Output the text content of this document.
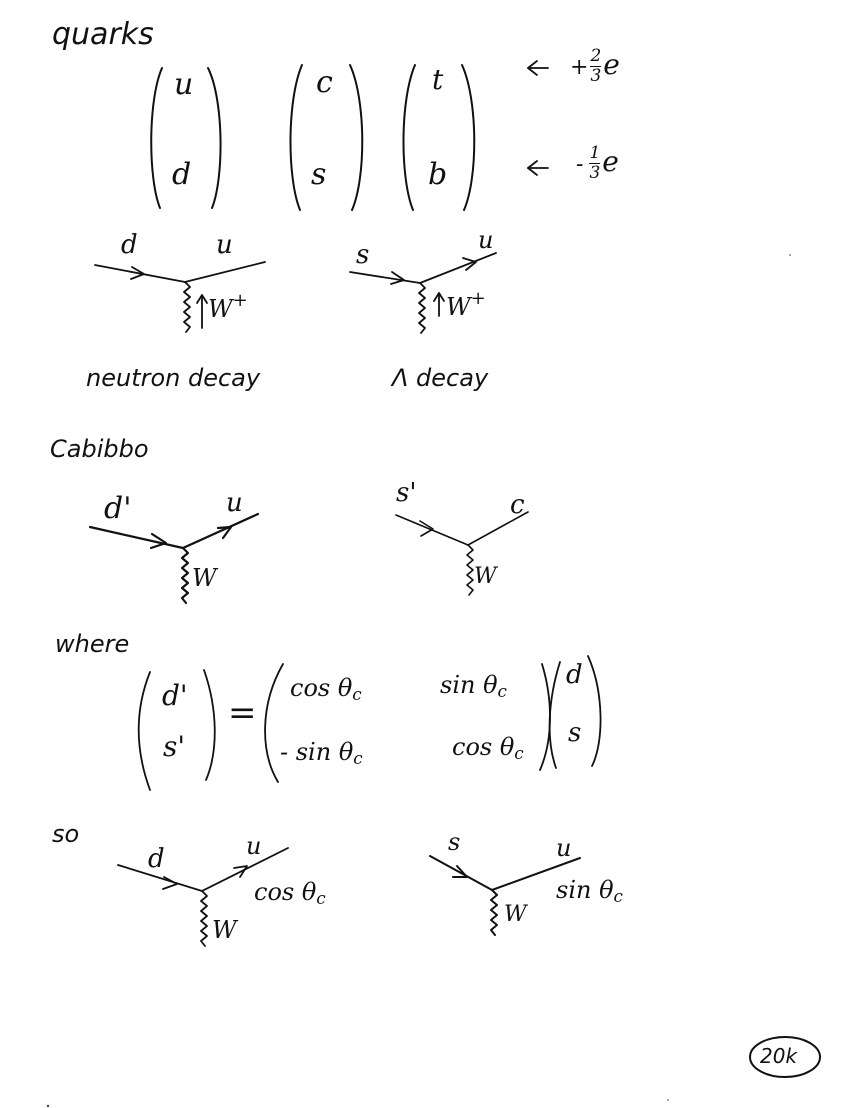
quarks
Cabibbo
where
so
u
d
c
s
t
b
+ $\frac{2}{3}$ e
- $\frac{1}{3}$ e
d	u
W+
neutron decay
s	u
W+
Λ decay
d'	u
W
s'	c
W
d'
s'
=
$\cos \theta_c$	$\sin \theta_c$
- $\sin \theta_c$	$\cos \theta_c$
d
s
d	u
W
$\cos \theta_c$
s	u
W
$\sin \theta_c$
20k
